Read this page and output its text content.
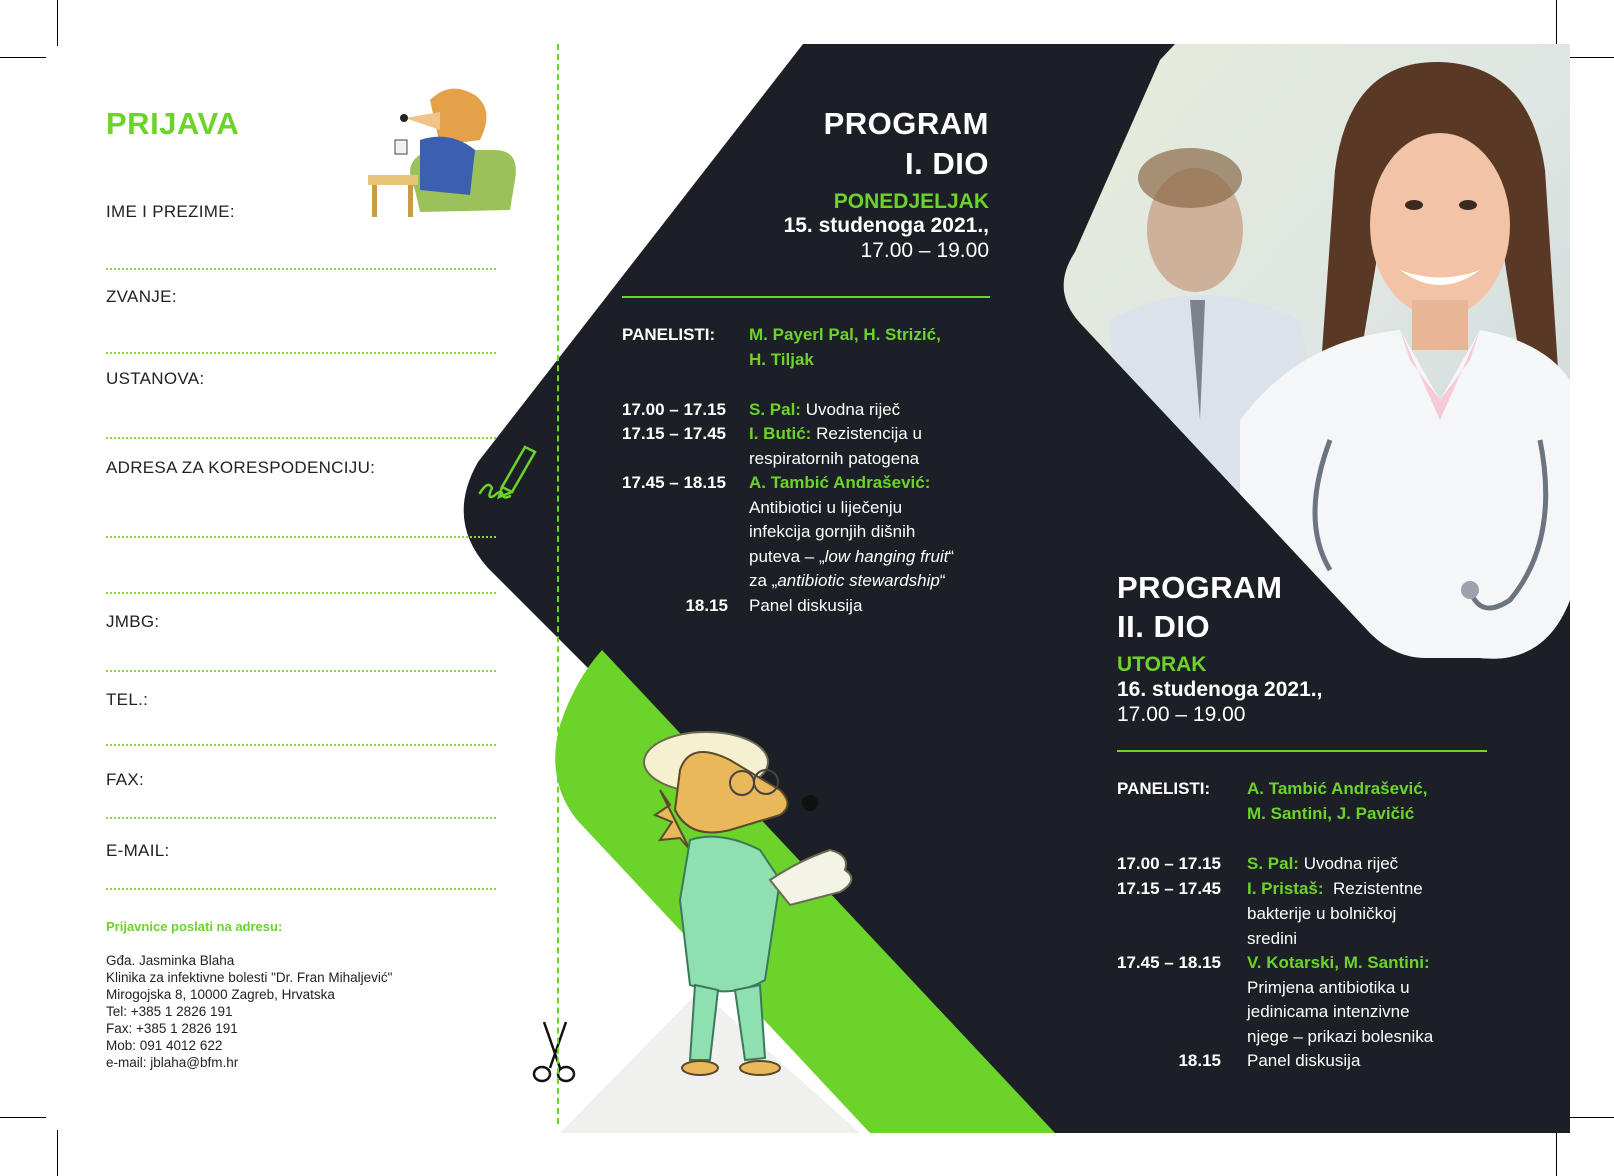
PRIJAVA
IME I PREZIME:
ZVANJE:
USTANOVA:
ADRESA ZA KORESPODENCIJU:
JMBG:
TEL.:
FAX:
E-MAIL:
Prijavnice poslati na adresu:
Gđa. Jasminka Blaha
Klinika za infektivne bolesti "Dr. Fran Mihaljević"
Mirogojska 8, 10000 Zagreb, Hrvatska
Tel: +385 1 2826 191
Fax: +385 1 2826 191
Mob: 091 4012 622
e-mail: jblaha@bfm.hr
PROGRAM
I. DIO
PONEDJELJAK
15. studenoga 2021.,
17.00 – 19.00
PANELISTI: M. Payerl Pal, H. Strizić,
H. Tiljak
17.00 – 17.15 S. Pal: Uvodna riječ
17.15 – 17.45 I. Butić: Rezistencija u
respiratornih patogena
17.45 – 18.15 A. Tambić Andrašević:
Antibiotici u liječenju
infekcija gornjih dišnih
puteva – „low hanging fruit“
za „antibiotic stewardship“
18.15 Panel diskusija
PROGRAM
II. DIO
UTORAK
16. studenoga 2021.,
17.00 – 19.00
PANELISTI: A. Tambić Andrašević,
M. Santini, J. Pavičić
17.00 – 17.15 S. Pal: Uvodna riječ
17.15 – 17.45 I. Pristaš:  Rezistentne
bakterije u bolničkoj
sredini
17.45 – 18.15 V. Kotarski, M. Santini:
Primjena antibiotika u
jedinicama intenzivne
njege – prikazi bolesnika
18.15 Panel diskusija
